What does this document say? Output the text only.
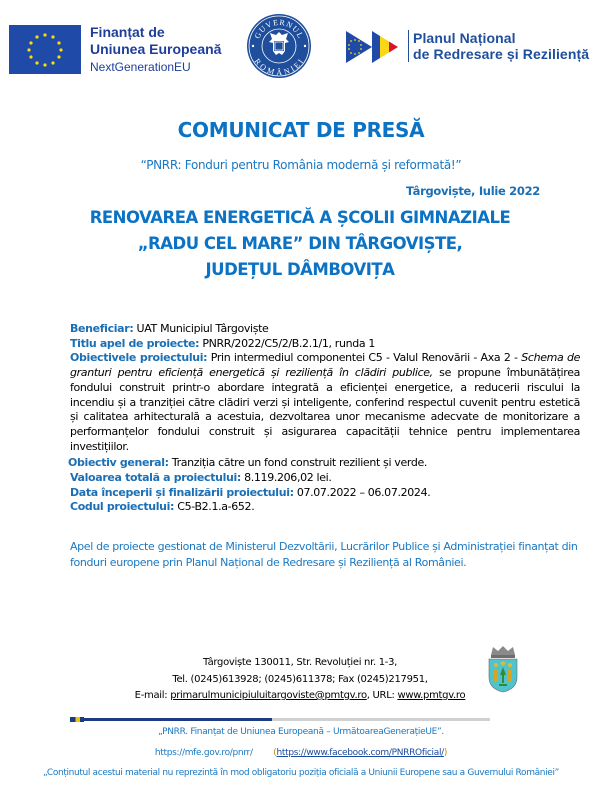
Finanțat de
Uniunea Europeană
NextGenerationEU
GUVERNUL
ROMÂNIEI
Planul Național
de Redresare și Reziliență
COMUNICAT DE PRESĂ
“PNRR: Fonduri pentru România modernă și reformată!”
Târgoviște, Iulie 2022
RENOVAREA ENERGETICĂ A ȘCOLII GIMNAZIALE
„RADU CEL MARE” DIN TÂRGOVIȘTE,
JUDEȚUL DÂMBOVIȚA

Beneficiar: UAT Municipiul Târgoviște

Titlu apel de proiecte: PNRR/2022/C5/2/B.2.1/1, runda 1

Obiectivele proiectului: Prin intermediul componentei C5 - Valul Renovării - Axa 2 - Schema de granturi pentru eficiență energetică și reziliență în clădiri publice, se propune îmbunătățirea fondului construit printr-o abordare integrată a eficienței energetice, a reducerii riscului la incendiu și a tranziției către clădiri verzi și inteligente, conferind respectul cuvenit pentru estetică și calitatea arhitecturală a acestuia, dezvoltarea unor mecanisme adecvate de monitorizare a performanțelor fondului construit și asigurarea capacității tehnice pentru implementarea investițiilor.

Obiectiv general: Tranziția către un fond construit rezilient și verde.

Valoarea totală a proiectului: 8.119.206,02 lei.

Data începerii și finalizării proiectului: 07.07.2022 – 06.07.2024.

Codul proiectului: C5-B2.1.a-652.

Apel de proiecte gestionat de Ministerul Dezvoltării, Lucrărilor Publice și Administrației finanțat din fonduri europene prin Planul Național de Redresare și Reziliență al României.
Târgoviște 130011, Str. Revoluției nr. 1-3,
Tel. (0245)613928; (0245)611378; Fax (0245)217951,
E-mail: primarulmunicipiuluitargoviste@pmtgv.ro, URL: www.pmtgv.ro
„PNRR. Finanțat de Uniunea Europeană – UrmătoareaGenerațieUE”.
https://mfe.gov.ro/pnrr/ (https://www.facebook.com/PNRROficial/)
„Conținutul acestui material nu reprezintă în mod obligatoriu poziția oficială a Uniunii Europene sau a Guvernului României”
